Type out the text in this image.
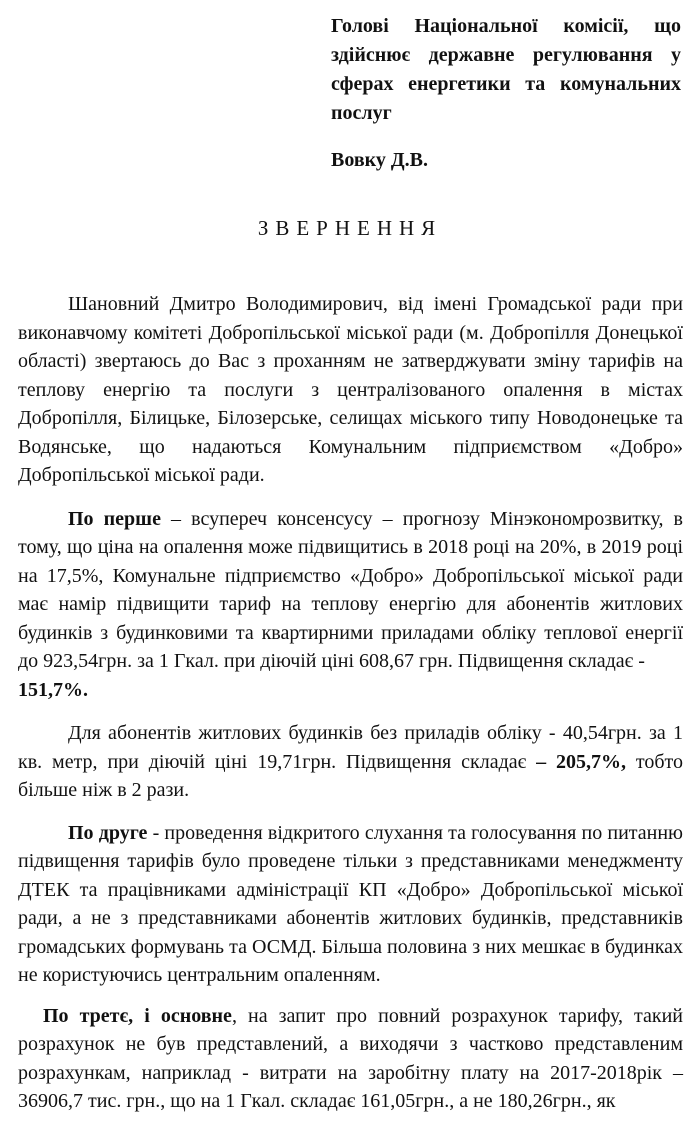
Голові Національної комісії, що здійснює державне регулювання у сферах енергетики та комунальних послуг

Вовку Д.В.

ЗВЕРНЕННЯ

Шановний Дмитро Володимирович, від імені Громадської ради при виконавчому комітеті Добропільської міської ради (м. Добропілля Донецької області) звертаюсь до Вас з проханням не затверджувати зміну тарифів на теплову енергію та послуги з централізованого опалення в містах Добропілля, Білицьке, Білозерське, селищах міського типу Новодонецьке та Водянське, що надаються Комунальним підприємством «Добро» Добропільської міської ради.

По перше – всупереч консенсусу – прогнозу Мінэкономрозвитку, в тому, що ціна на опалення може підвищитись в 2018 році на 20%, в 2019 році на 17,5%, Комунальне підприємство «Добро» Добропільської міської ради має намір підвищити тариф на теплову енергію для абонентів житлових будинків з будинковими та квартирними приладами обліку теплової енергії до 923,54грн. за 1 Гкал. при діючій ціні 608,67 грн. Підвищення складає -
151,7%.

Для абонентів житлових будинків без приладів обліку - 40,54грн. за 1 кв. метр, при діючій ціні 19,71грн. Підвищення складає – 205,7%, тобто більше ніж в 2 рази.

По друге - проведення відкритого слухання та голосування по питанню підвищення тарифів було проведене тільки з представниками менеджменту ДТЕК та працівниками адміністрації КП «Добро» Добропільської міської ради, а не з представниками абонентів житлових будинків, представників громадських формувань та ОСМД. Більша половина з них мешкає в будинках не користуючись центральним опаленням.

По третє, і основне, на запит про повний розрахунок тарифу, такий розрахунок не був представлений, а виходячи з частково представленим розрахункам, наприклад - витрати на заробітну плату на 2017-2018рік – 36906,7 тис. грн., що на 1 Гкал. складає 161,05грн., а не 180,26грн., як
